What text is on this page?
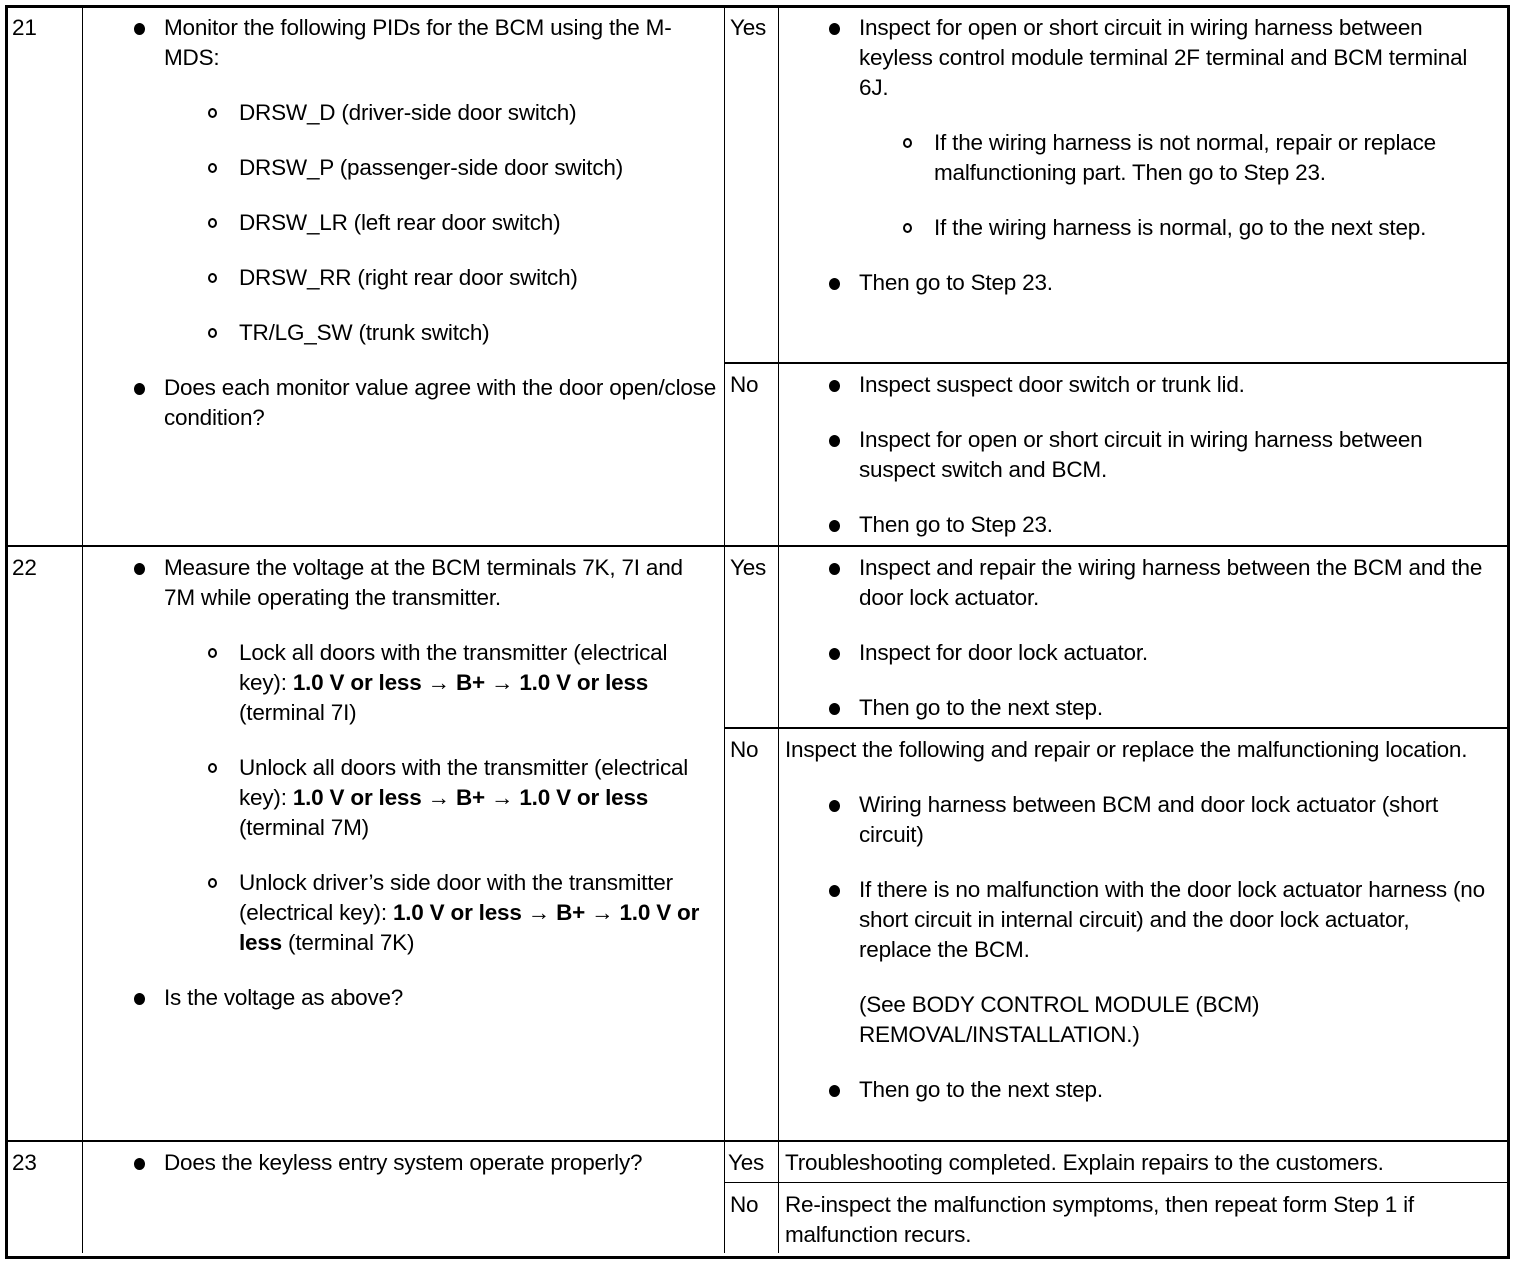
21	Monitor the following PIDs for the BCM using the M-MDS:
DRSW_D (driver-side door switch)
DRSW_P (passenger-side door switch)
DRSW_LR (left rear door switch)
DRSW_RR (right rear door switch)
TR/LG_SW (trunk switch)
Does each monitor value agree with the door open/close condition?
Yes	Inspect for open or short circuit in wiring harness between keyless control module terminal 2F terminal and BCM terminal 6J.
If the wiring harness is not normal, repair or replace malfunctioning part. Then go to Step 23.
If the wiring harness is normal, go to the next step.
Then go to Step 23.
No	Inspect suspect door switch or trunk lid.
Inspect for open or short circuit in wiring harness between suspect switch and BCM.
Then go to Step 23.
22	Measure the voltage at the BCM terminals 7K, 7I and 7M while operating the transmitter.
Lock all doors with the transmitter (electrical key): 1.0 V or less → B+ → 1.0 V or less (terminal 7I)
Unlock all doors with the transmitter (electrical key): 1.0 V or less → B+ → 1.0 V or less (terminal 7M)
Unlock driver’s side door with the transmitter (electrical key): 1.0 V or less → B+ → 1.0 V or less (terminal 7K)
Is the voltage as above?
Yes	Inspect and repair the wiring harness between the BCM and the door lock actuator.
Inspect for door lock actuator.
Then go to the next step.
No Inspect the following and repair or replace the malfunctioning location.
Wiring harness between BCM and door lock actuator (short circuit)
If there is no malfunction with the door lock actuator harness (no short circuit in internal circuit) and the door lock actuator, replace the BCM.
(See BODY CONTROL MODULE (BCM) REMOVAL/INSTALLATION.)
Then go to the next step.
23	Does the keyless entry system operate properly?	Yes Troubleshooting completed. Explain repairs to the customers.
No Re-inspect the malfunction symptoms, then repeat form Step 1 if malfunction recurs.
